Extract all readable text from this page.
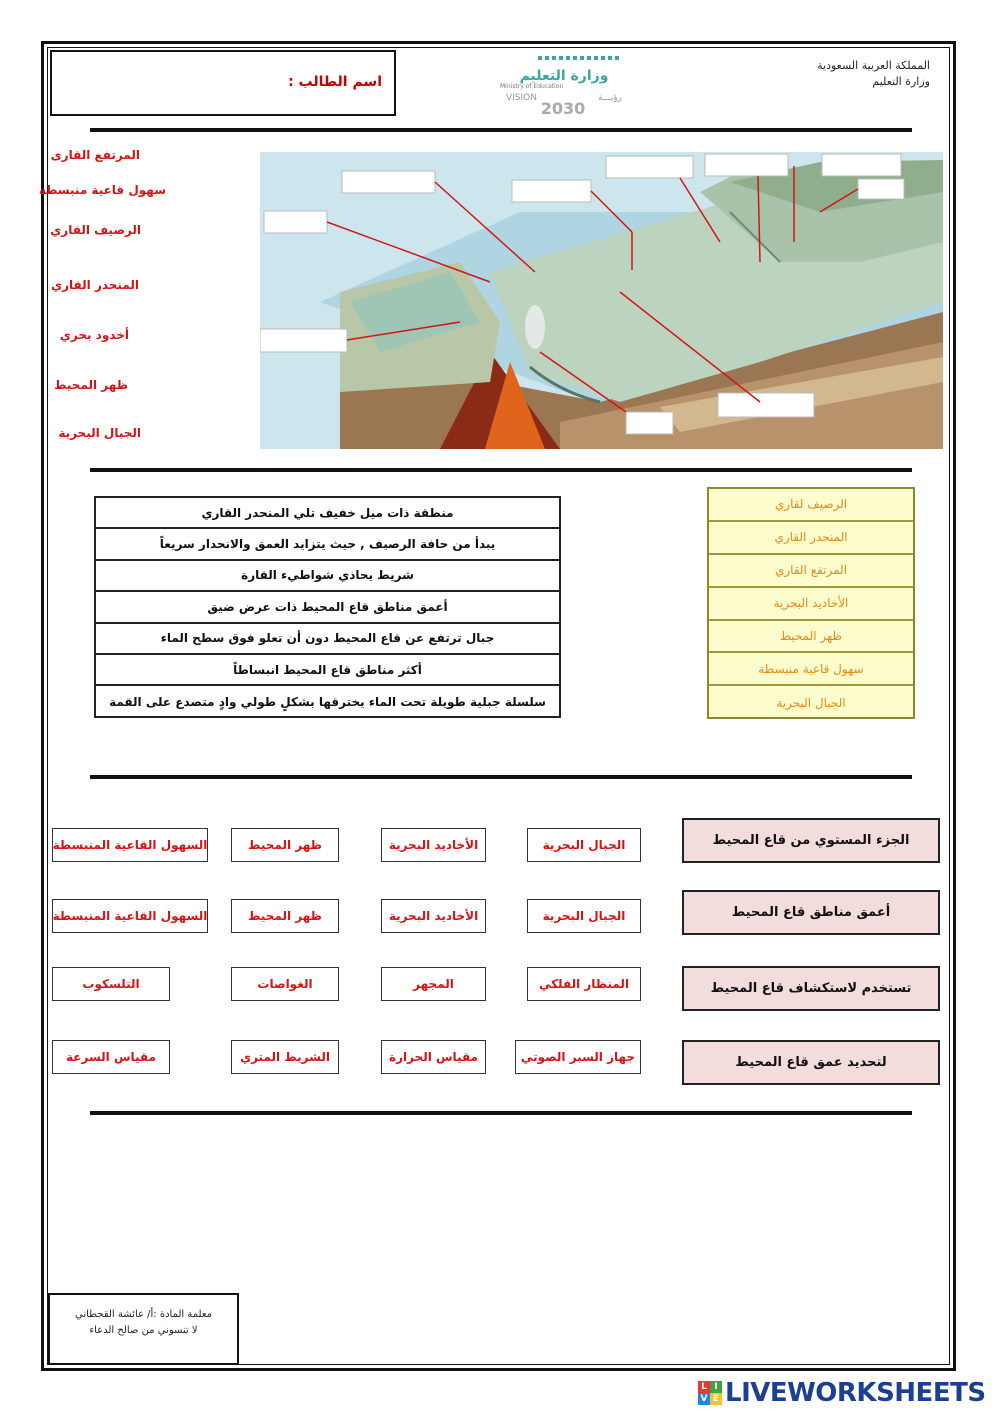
اسم الطالب :	وزارة التعليم
Ministry of Education
VISION	رؤيـــة
2030
المملكة العربية السعودية
وزارة التعليم
المرتفع القارى
سهول قاعية منبسطة
الرصيف القاري
المنحدر القاري
أخدود بحري
ظهر المحيط
الجبال البحرية
منطقة ذات ميل خفيف تلي المنحدر القاري
يبدأ من حافة الرصيف , حيث يتزايد العمق والانحدار سريعاً
شريط يحاذي شواطيء القارة
أعمق مناطق قاع المحيط ذات عرض ضيق
جبال ترتفع عن قاع المحيط دون أن تعلو فوق سطح الماء
أكثر مناطق قاع المحيط انبساطاً
سلسلة جبلية طويلة تحت الماء يخترقها بشكلٍ طولي وادٍ متصدع على القمة
الرصيف لقاري
المنحدر القاري
المرتفع القاري
الأخاديد البحرية
ظهر المحيط
سهول قاعية منبسطة
الجبال البحرية
الجزء المستوي من قاع المحيط
الجبال البحرية
الأخاديد البحرية
ظهر المحيط
السهول القاعية المنبسطة
أعمق مناطق قاع المحيط
الجبال البحرية
الأخاديد البحرية
ظهر المحيط
السهول القاعية المنبسطة
تستخدم لاستكشاف قاع المحيط
المنظار الفلكي
المجهر
الغواصات
التلسكوب
لتحديد عمق قاع المحيط
جهاز السبر الصوتي
مقياس الحرارة
الشريط المتري
مقياس السرعة
معلمة المادة :أ/ عائشة القحطاني
لا تنسوني من صالح الدعاء
L I
V E LIVEWORKSHEETS
